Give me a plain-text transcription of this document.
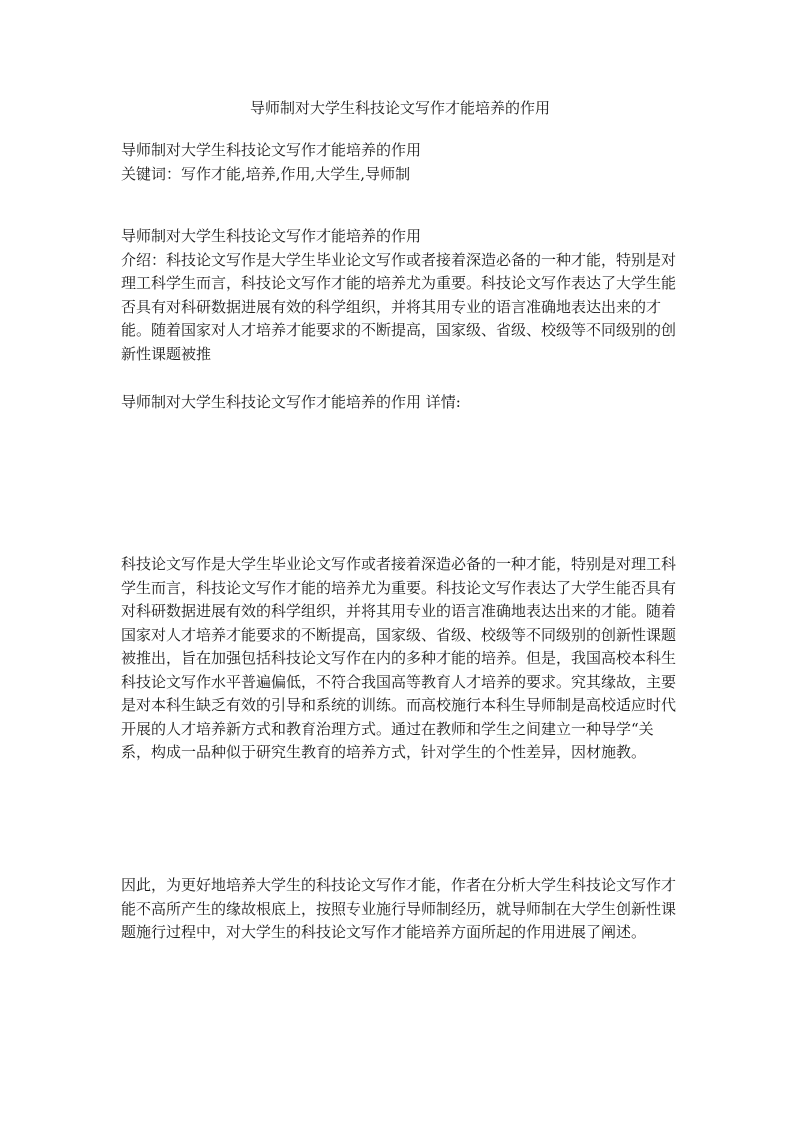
导师制对大学生科技论文写作才能培养的作用
导师制对大学生科技论文写作才能培养的作用
关键词：写作才能,培养,作用,大学生,导师制
导师制对大学生科技论文写作才能培养的作用

介绍：科技论文写作是大学生毕业论文写作或者接着深造必备的一种才能，特别是对理工科学生而言，科技论文写作才能的培养尤为重要。科技论文写作表达了大学生能否具有对科研数据进展有效的科学组织，并将其用专业的语言准确地表达出来的才能。随着国家对人才培养才能要求的不断提高，国家级、省级、校级等不同级别的创新性课题被推

导师制对大学生科技论文写作才能培养的作用 详情:

科技论文写作是大学生毕业论文写作或者接着深造必备的一种才能，特别是对理工科学生而言，科技论文写作才能的培养尤为重要。科技论文写作表达了大学生能否具有对科研数据进展有效的科学组织，并将其用专业的语言准确地表达出来的才能。随着国家对人才培养才能要求的不断提高，国家级、省级、校级等不同级别的创新性课题被推出，旨在加强包括科技论文写作在内的多种才能的培养。但是，我国高校本科生科技论文写作水平普遍偏低，不符合我国高等教育人才培养的要求。究其缘故，主要是对本科生缺乏有效的引导和系统的训练。而高校施行本科生导师制是高校适应时代开展的人才培养新方式和教育治理方式。通过在教师和学生之间建立一种导学“关系，构成一品种似于研究生教育的培养方式，针对学生的个性差异，因材施教。

因此，为更好地培养大学生的科技论文写作才能，作者在分析大学生科技论文写作才能不高所产生的缘故根底上，按照专业施行导师制经历，就导师制在大学生创新性课题施行过程中，对大学生的科技论文写作才能培养方面所起的作用进展了阐述。
